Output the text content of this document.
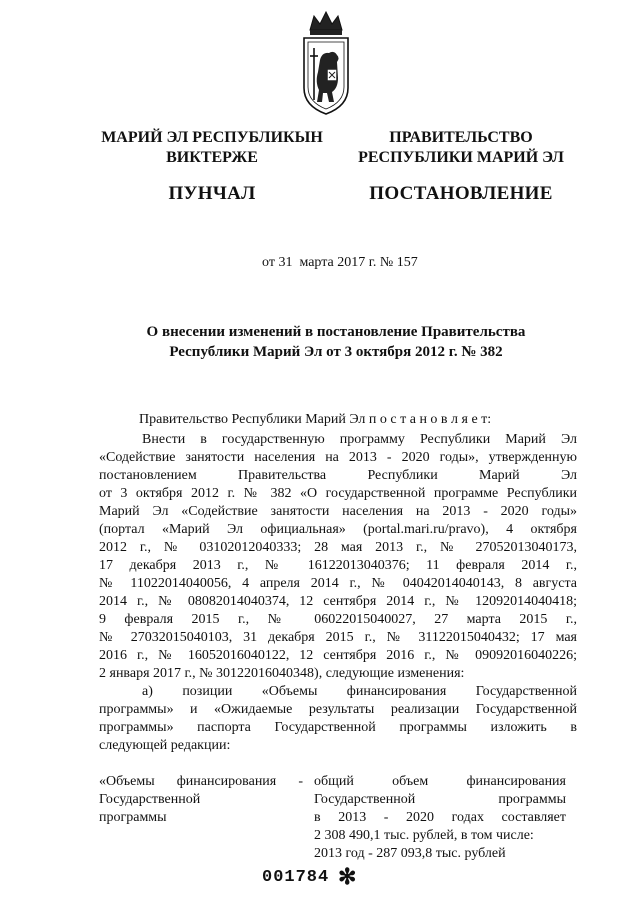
МАРИЙ ЭЛ РЕСПУБЛИКЫН
ВИКТЕРЖЕ
ПУНЧАЛ
ПРАВИТЕЛЬСТВО
РЕСПУБЛИКИ МАРИЙ ЭЛ
ПОСТАНОВЛЕНИЕ
от 31  марта 2017 г. № 157
О внесении изменений в постановление Правительства
Республики Марий Эл от 3 октября 2012 г. № 382
Правительство Республики Марий Эл п о с т а н о в л я е т:
Внести в государственную программу Республики Марий Эл
«Содействие занятости населения на 2013 - 2020 годы», утвержденную
постановлением Правительства Республики Марий Эл
от 3 октября 2012 г. № 382 «О государственной программе Республики
Марий Эл «Содействие занятости населения на 2013 - 2020 годы»
(портал «Марий Эл официальная» (portal.mari.ru/pravo), 4 октября
2012 г., № 03102012040333; 28 мая 2013 г., № 27052013040173,
17 декабря 2013 г., № 16122013040376; 11 февраля 2014 г.,
№ 11022014040056, 4 апреля 2014 г., № 04042014040143, 8 августа
2014 г., № 08082014040374, 12 сентября 2014 г., № 12092014040418;
9 февраля 2015 г., № 06022015040027, 27 марта 2015 г.,
№ 27032015040103, 31 декабря 2015 г., № 31122015040432; 17 мая
2016 г., № 16052016040122, 12 сентября 2016 г., № 09092016040226;
2 января 2017 г., № 30122016040348), следующие изменения:
а) позиции «Объемы финансирования Государственной
программы» и «Ожидаемые результаты реализации Государственной
программы» паспорта Государственной программы изложить в
следующей редакции:
«Объемы финансирования -
Государственной
программы
общий объем финансирования
Государственной программы
в 2013 - 2020 годах составляет
2 308 490,1 тыс. рублей, в том числе:
2013 год - 287 093,8 тыс. рублей
001784 ✻
